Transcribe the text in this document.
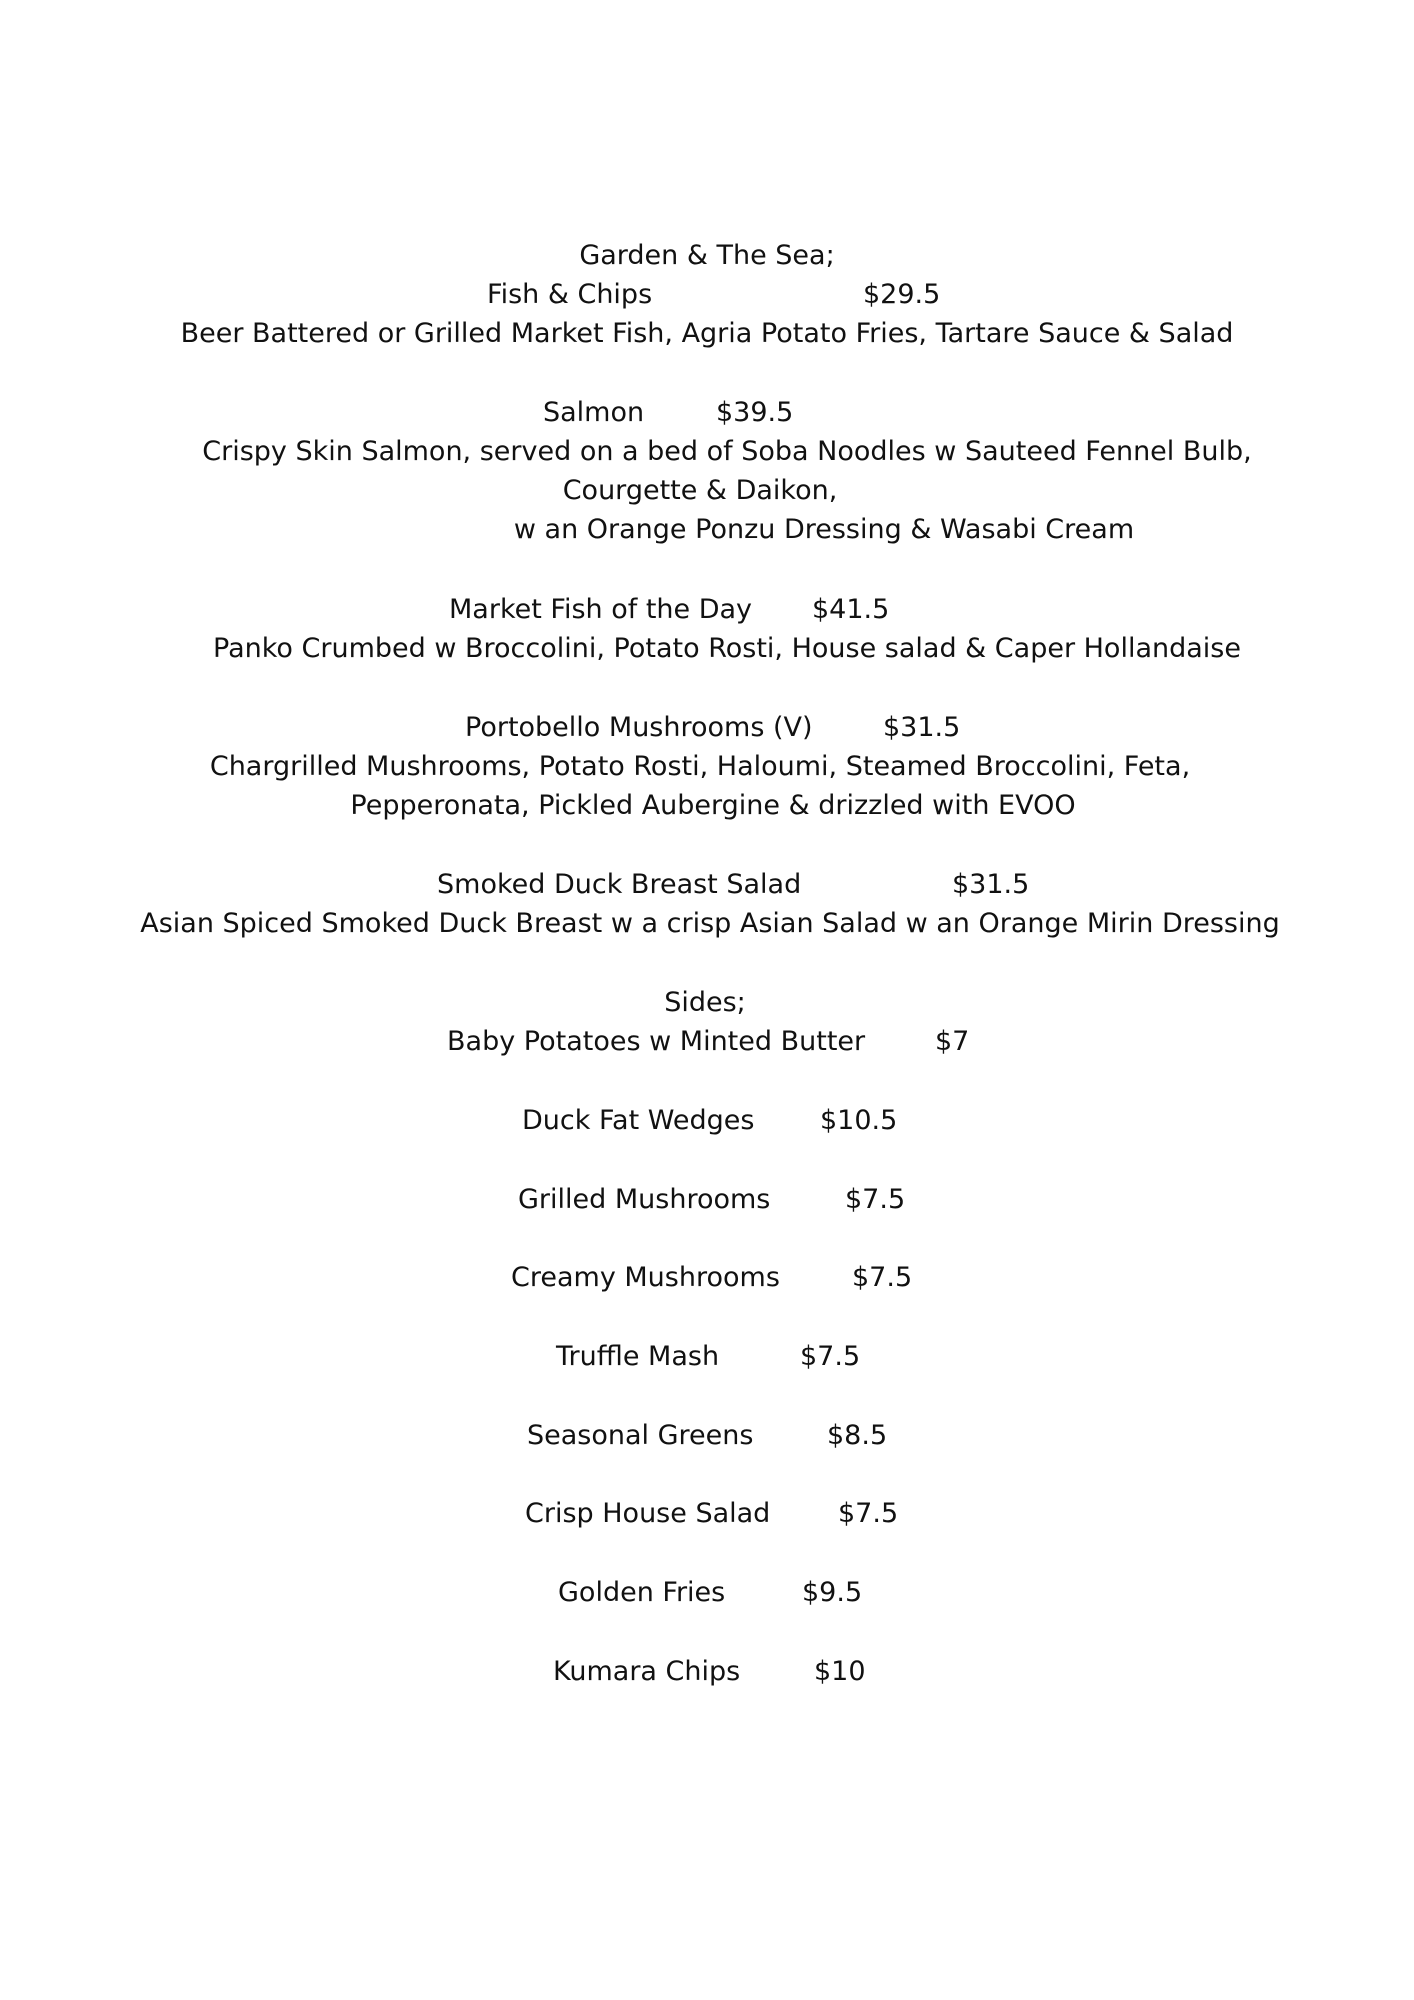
Garden & The Sea;
Fish & Chips	$29.5
Beer Battered or Grilled Market Fish, Agria Potato Fries, Tartare Sauce & Salad
Salmon	$39.5
Crispy Skin Salmon, served on a bed of Soba Noodles w Sauteed Fennel Bulb,
Courgette & Daikon,
w an Orange Ponzu Dressing & Wasabi Cream
Market Fish of the Day $41.5
Panko Crumbed w Broccolini, Potato Rosti, House salad & Caper Hollandaise
Portobello Mushrooms (V)	$31.5
Chargrilled Mushrooms, Potato Rosti, Haloumi, Steamed Broccolini, Feta,
Pepperonata, Pickled Aubergine & drizzled with EVOO
Smoked Duck Breast Salad	$31.5
Asian Spiced Smoked Duck Breast w a crisp Asian Salad w an Orange Mirin Dressing
Sides;
Baby Potatoes w Minted Butter	$7
Duck Fat Wedges $10.5
Grilled Mushrooms	$7.5
Creamy Mushrooms	$7.5
Truffle Mash	$7.5
Seasonal Greens	$8.5
Crisp House Salad	$7.5
Golden Fries	$9.5
Kumara Chips	$10
